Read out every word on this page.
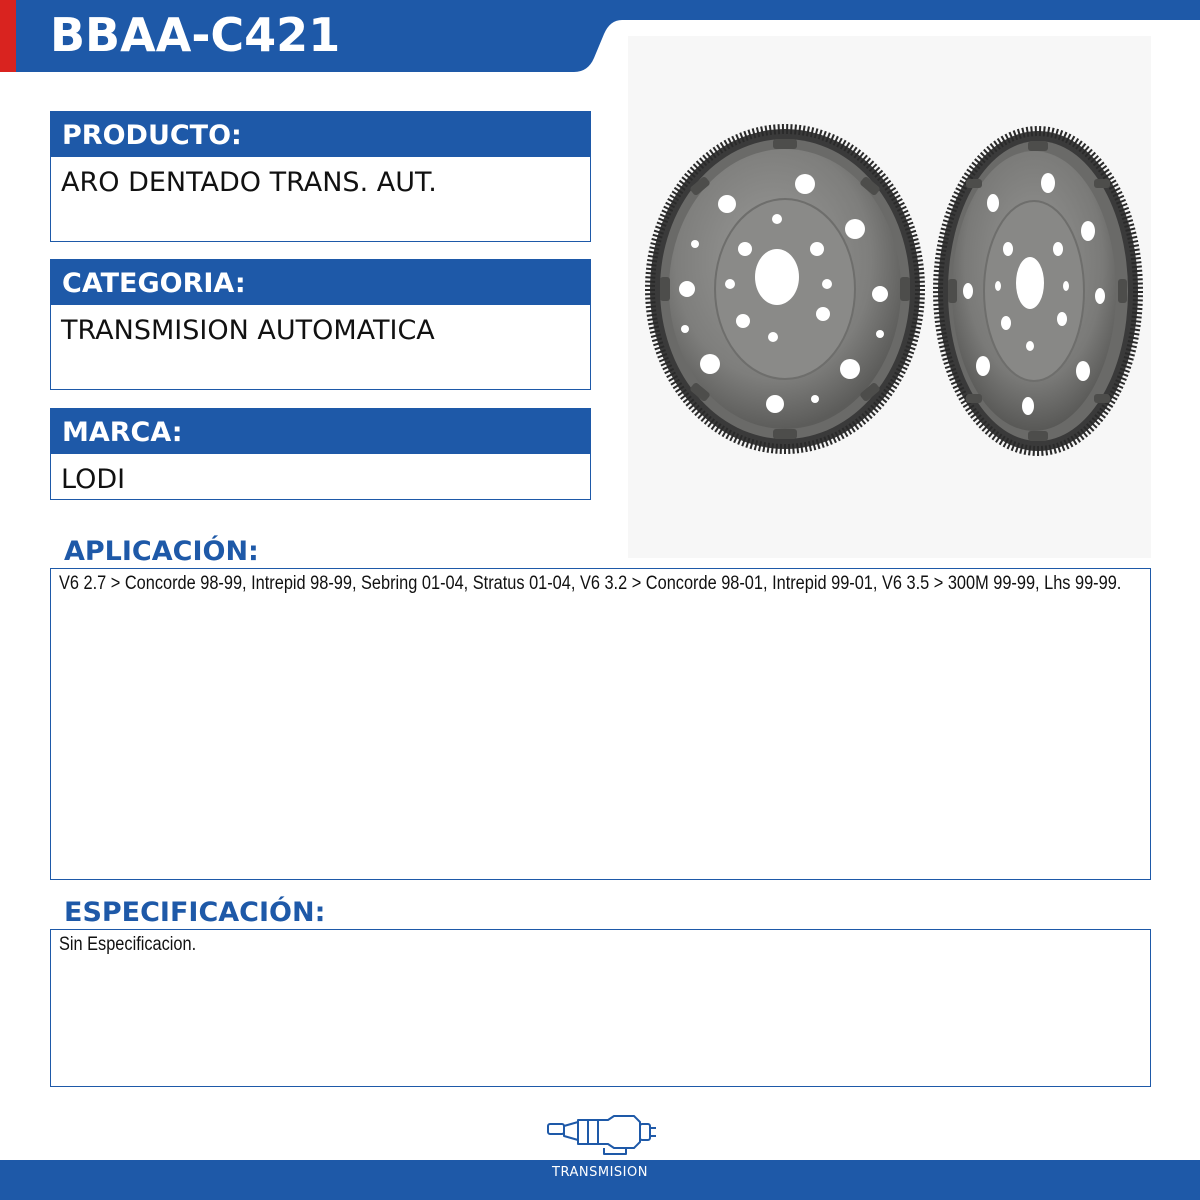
BBAA-C421
PRODUCTO:
ARO DENTADO TRANS. AUT.
CATEGORIA:
TRANSMISION AUTOMATICA
MARCA:
LODI
APLICACIÓN:
V6 2.7 > Concorde 98-99, Intrepid 98-99, Sebring 01-04, Stratus 01-04, V6 3.2 > Concorde 98-01, Intrepid 99-01, V6 3.5 > 300M 99-99, Lhs 99-99.
ESPECIFICACIÓN:
Sin Especificacion.
TRANSMISION
